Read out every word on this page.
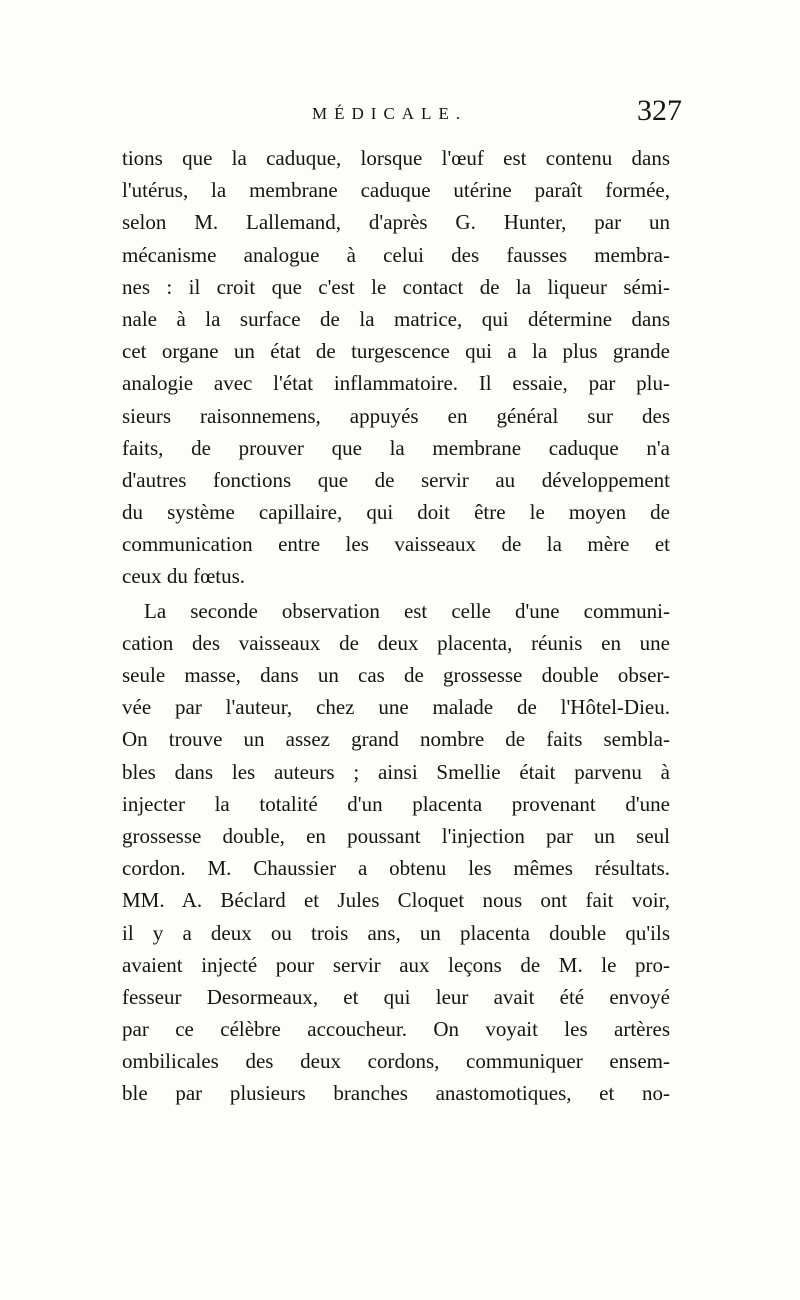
MÉDICALE.	327
tions que la caduque, lorsque l'œuf est contenu dans
l'utérus, la membrane caduque utérine paraît formée,
selon M. Lallemand, d'après G. Hunter, par un
mécanisme analogue à celui des fausses membra-
nes : il croit que c'est le contact de la liqueur sémi-
nale à la surface de la matrice, qui détermine dans
cet organe un état de turgescence qui a la plus grande
analogie avec l'état inflammatoire. Il essaie, par plu-
sieurs raisonnemens, appuyés en général sur des
faits, de prouver que la membrane caduque n'a
d'autres fonctions que de servir au développement
du système capillaire, qui doit être le moyen de
communication entre les vaisseaux de la mère et
ceux du fœtus.
La seconde observation est celle d'une communi-
cation des vaisseaux de deux placenta, réunis en une
seule masse, dans un cas de grossesse double obser-
vée par l'auteur, chez une malade de l'Hôtel-Dieu.
On trouve un assez grand nombre de faits sembla-
bles dans les auteurs ; ainsi Smellie était parvenu à
injecter la totalité d'un placenta provenant d'une
grossesse double, en poussant l'injection par un seul
cordon. M. Chaussier a obtenu les mêmes résultats.
MM. A. Béclard et Jules Cloquet nous ont fait voir,
il y a deux ou trois ans, un placenta double qu'ils
avaient injecté pour servir aux leçons de M. le pro-
fesseur Desormeaux, et qui leur avait été envoyé
par ce célèbre accoucheur. On voyait les artères
ombilicales des deux cordons, communiquer ensem-
ble par plusieurs branches anastomotiques, et no-
